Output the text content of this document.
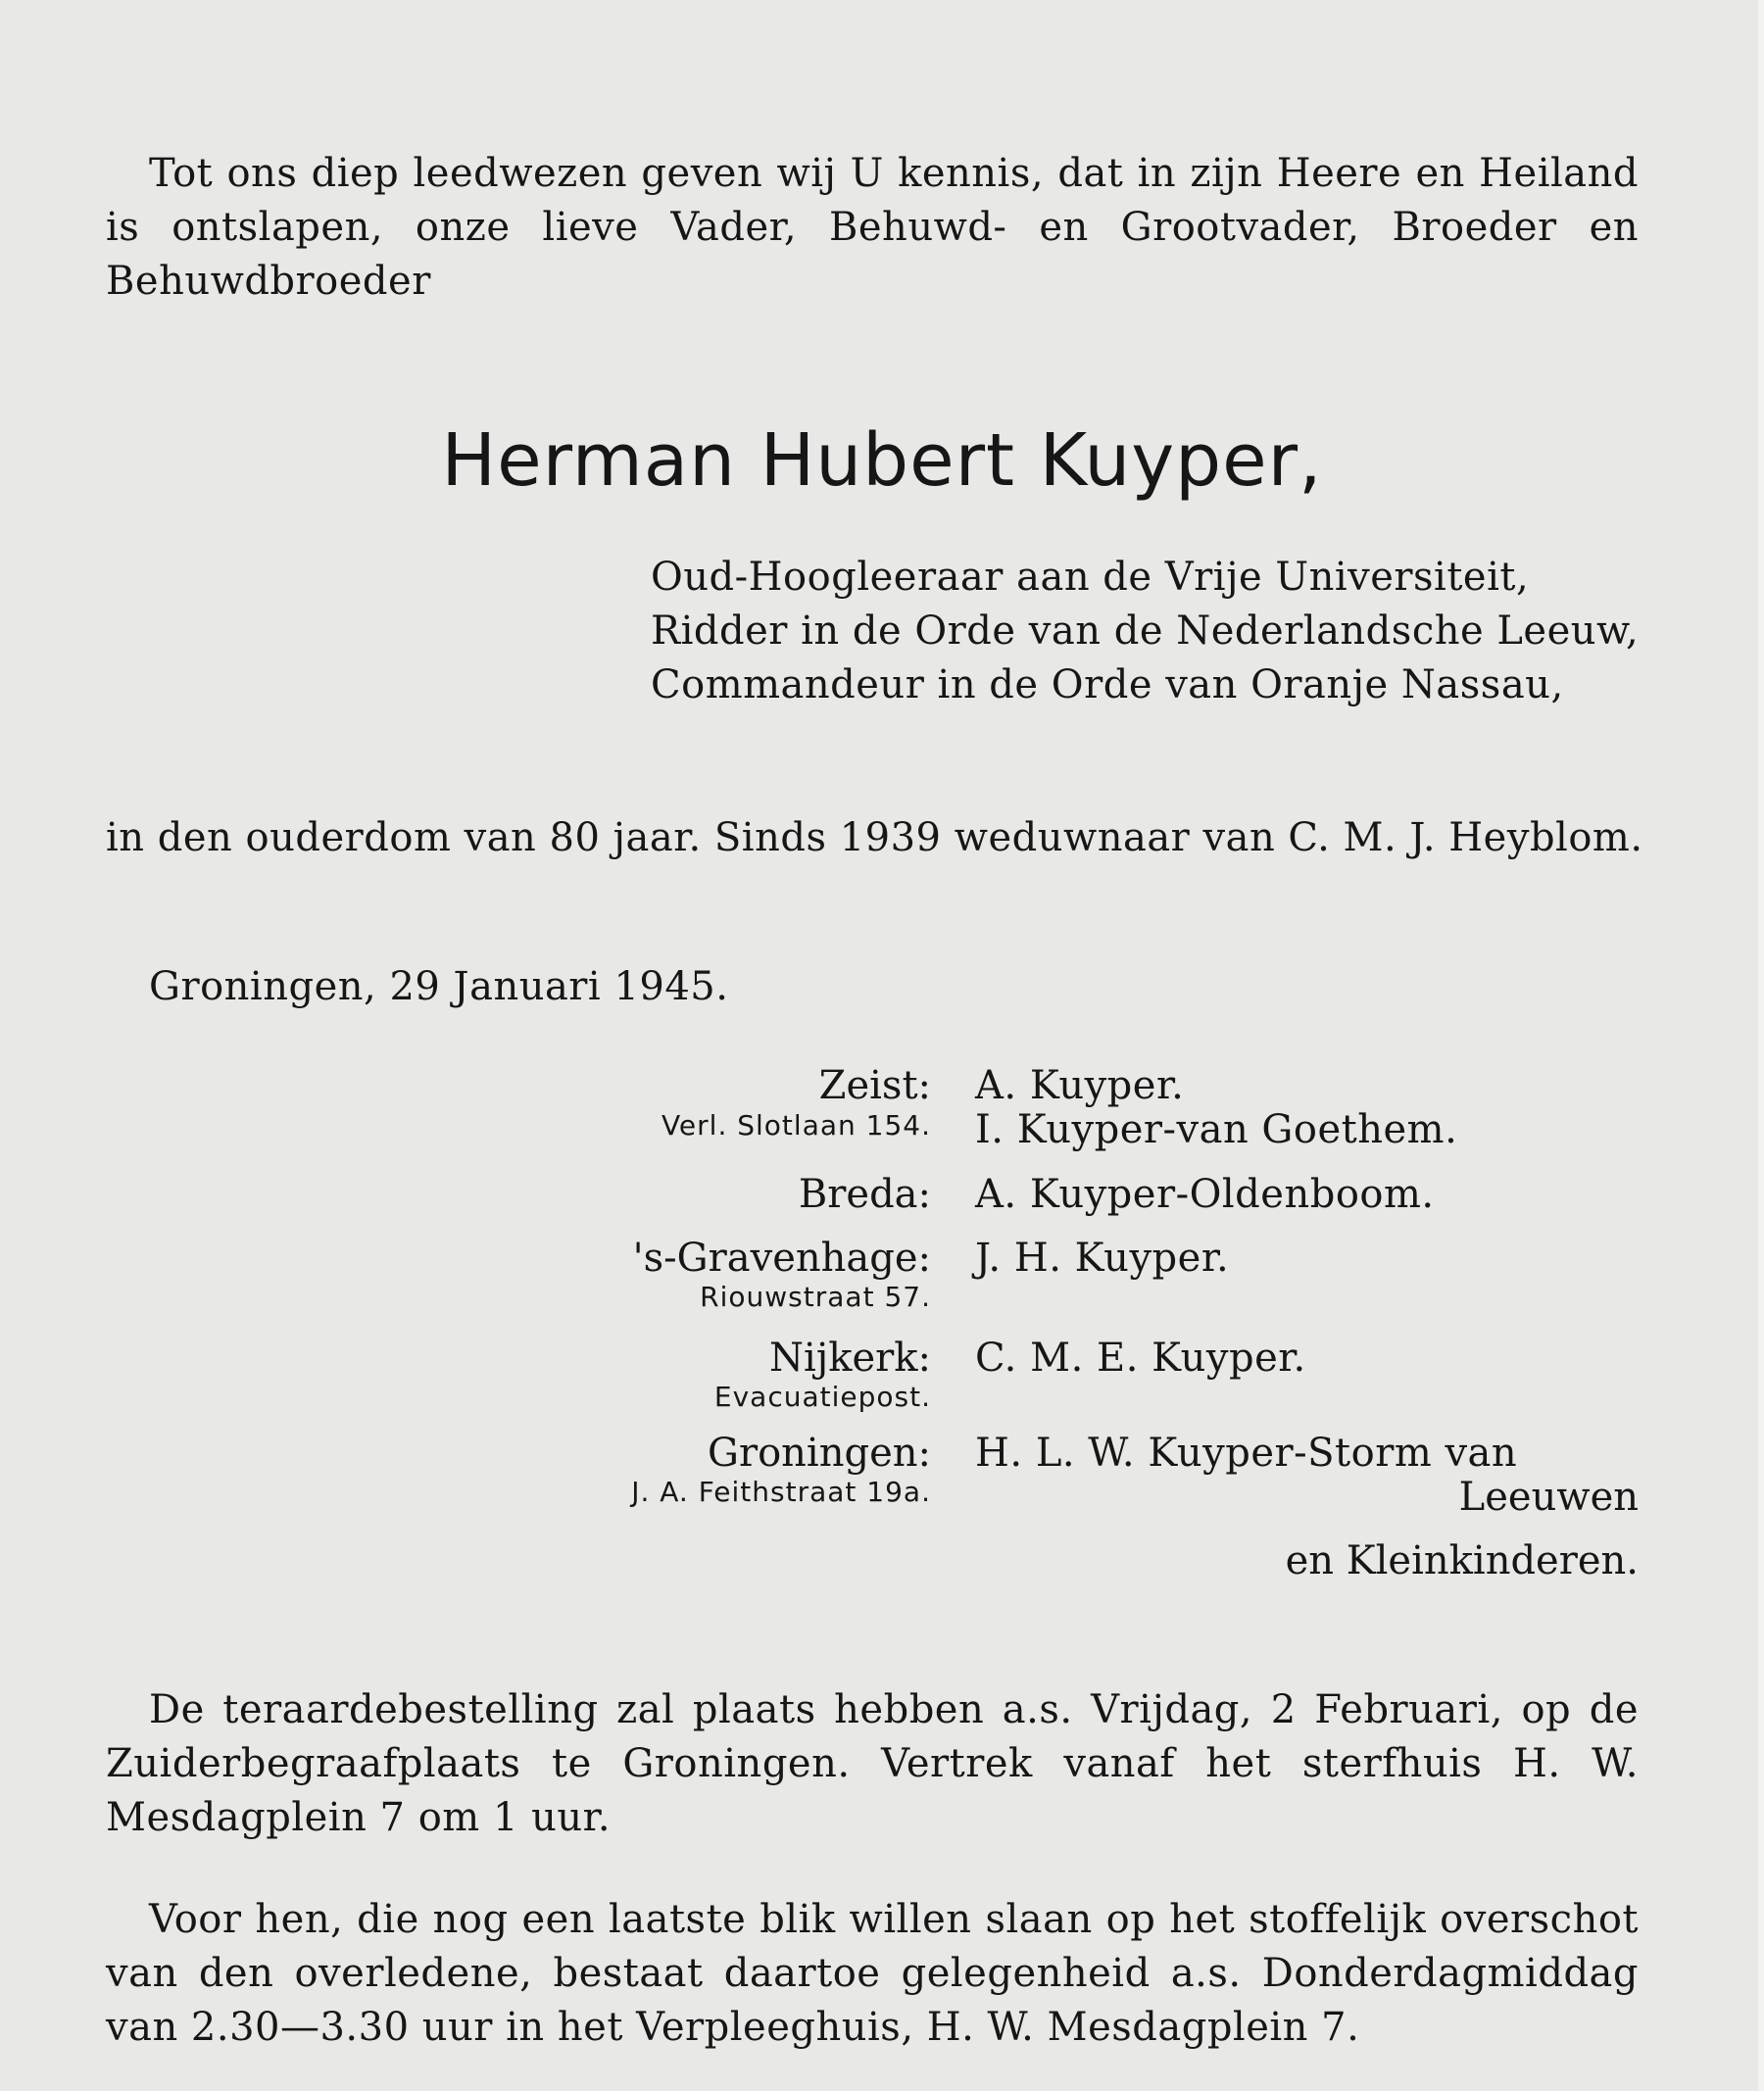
Tot ons diep leedwezen geven wij U kennis, dat in zijn Heere en Heiland is ontslapen, onze lieve Vader, Behuwd- en Grootvader, Broeder en Behuwdbroeder
Herman Hubert Kuyper,
Oud-Hoogleeraar aan de Vrije Universiteit,
Ridder in de Orde van de Nederlandsche Leeuw,
Commandeur in de Orde van Oranje Nassau,
in den ouderdom van 80 jaar. Sinds 1939 weduwnaar van C. M. J. Heyblom.
Groningen, 29 Januari 1945.
Zeist:
Verl. Slotlaan 154.
A. Kuyper.
I. Kuyper-van Goethem.
Breda: A. Kuyper-Oldenboom.
's-Gravenhage:
Riouwstraat 57.
J. H. Kuyper.
Nijkerk:
Evacuatiepost.
C. M. E. Kuyper.
Groningen:
J. A. Feithstraat 19a.
H. L. W. Kuyper-Storm van
Leeuwen
en Kleinkinderen.
De teraardebestelling zal plaats hebben a.s. Vrijdag, 2 Februari, op de Zuiderbegraafplaats te Groningen. Vertrek vanaf het sterfhuis H. W. Mesdagplein 7 om 1 uur.
Voor hen, die nog een laatste blik willen slaan op het stoffelijk overschot van den overledene, bestaat daartoe gelegenheid a.s. Donderdagmiddag van 2.30—3.30 uur in het Verpleeghuis, H. W. Mesdagplein 7.
